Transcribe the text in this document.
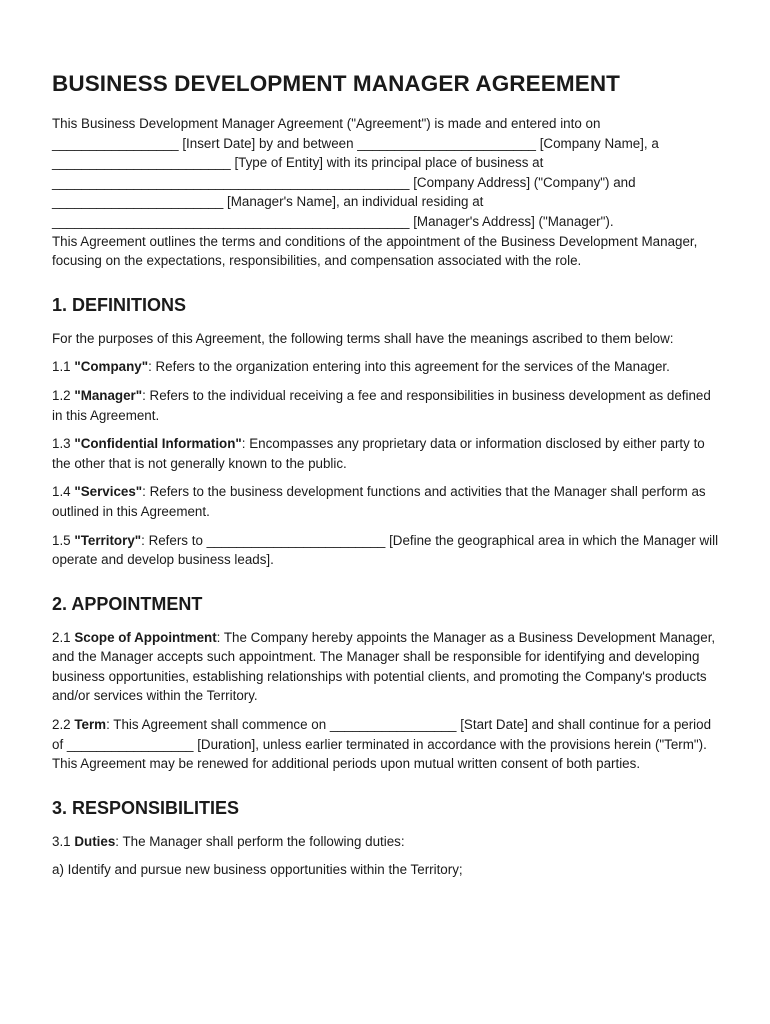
BUSINESS DEVELOPMENT MANAGER AGREEMENT

This Business Development Manager Agreement ("Agreement") is made and entered into on _________________ [Insert Date] by and between ________________________ [Company Name], a ________________________ [Type of Entity] with its principal place of business at ________________________________________________ [Company Address] ("Company") and _______________________ [Manager's Name], an individual residing at ________________________________________________ [Manager's Address] ("Manager").

This Agreement outlines the terms and conditions of the appointment of the Business Development Manager, focusing on the expectations, responsibilities, and compensation associated with the role.

1. DEFINITIONS

For the purposes of this Agreement, the following terms shall have the meanings ascribed to them below:

1.1 "Company": Refers to the organization entering into this agreement for the services of the Manager.

1.2 "Manager": Refers to the individual receiving a fee and responsibilities in business development as defined in this Agreement.

1.3 "Confidential Information": Encompasses any proprietary data or information disclosed by either party to the other that is not generally known to the public.

1.4 "Services": Refers to the business development functions and activities that the Manager shall perform as outlined in this Agreement.

1.5 "Territory": Refers to ________________________ [Define the geographical area in which the Manager will operate and develop business leads].

2. APPOINTMENT

2.1 Scope of Appointment: The Company hereby appoints the Manager as a Business Development Manager, and the Manager accepts such appointment. The Manager shall be responsible for identifying and developing business opportunities, establishing relationships with potential clients, and promoting the Company's products and/or services within the Territory.

2.2 Term: This Agreement shall commence on _________________ [Start Date] and shall continue for a period of _________________ [Duration], unless earlier terminated in accordance with the provisions herein ("Term"). This Agreement may be renewed for additional periods upon mutual written consent of both parties.

3. RESPONSIBILITIES

3.1 Duties: The Manager shall perform the following duties:

a) Identify and pursue new business opportunities within the Territory;
